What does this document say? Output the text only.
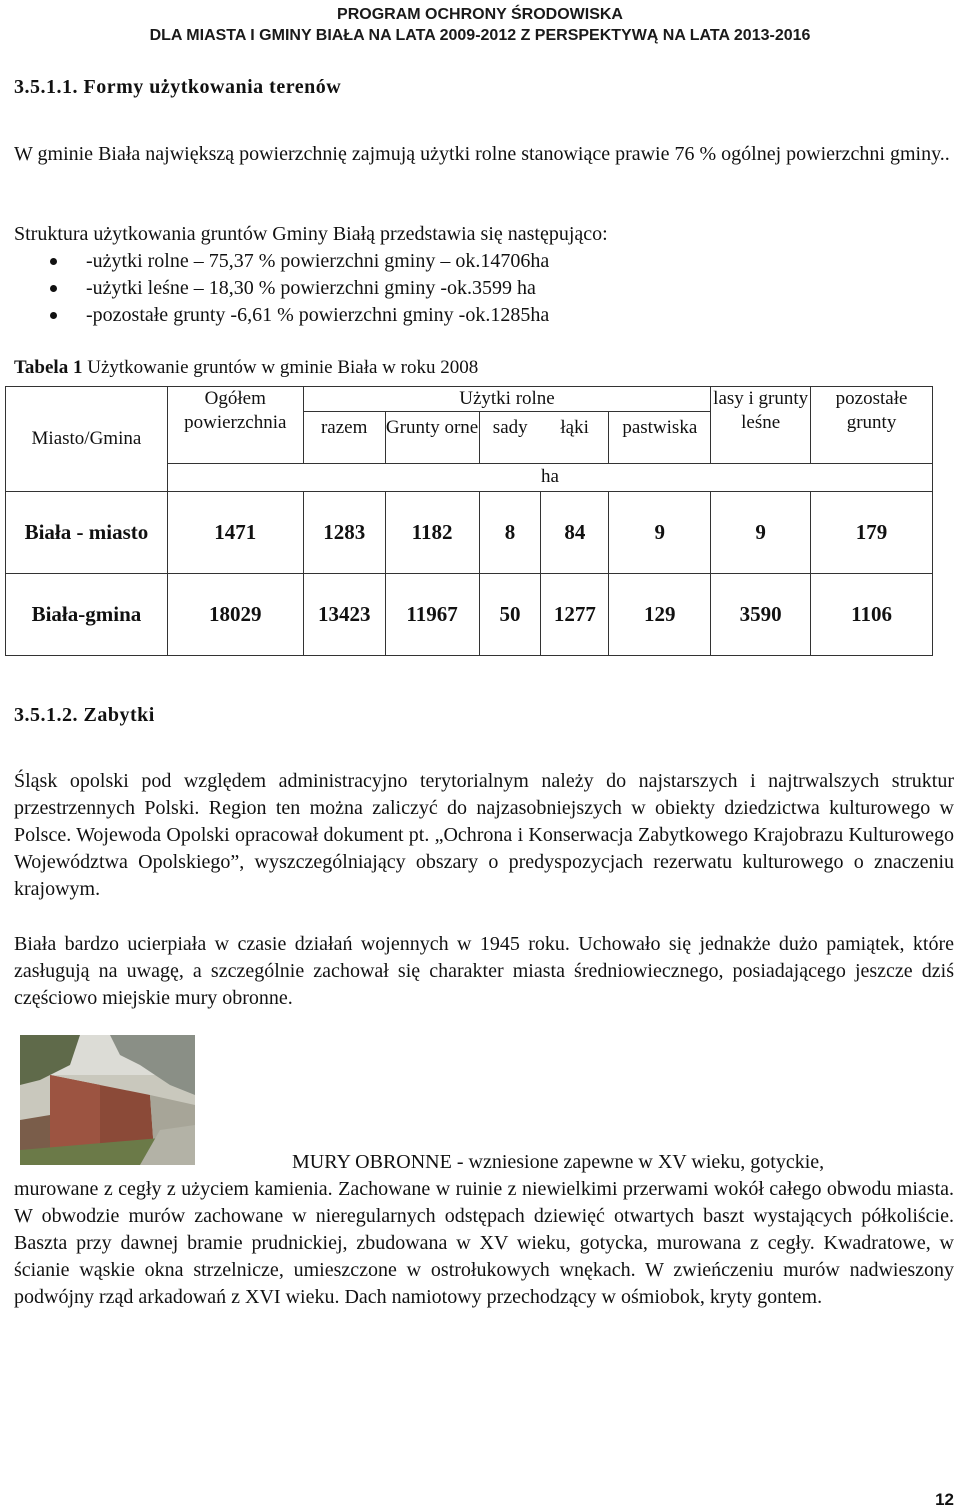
PROGRAM OCHRONY ŚRODOWISKA
DLA MIASTA I GMINY BIAŁA NA LATA 2009-2012 Z PERSPEKTYWĄ NA LATA 2013-2016
3.5.1.1. Formy użytkowania terenów
W gminie Biała największą powierzchnię zajmują użytki rolne stanowiące prawie 76 % ogólnej powierzchni gminy..
Struktura użytkowania gruntów Gminy Białą przedstawia się następująco:
-użytki rolne – 75,37 % powierzchni gminy – ok.14706ha
-użytki leśne – 18,30 % powierzchni gminy -ok.3599 ha
-pozostałe grunty -6,61 % powierzchni gminy -ok.1285ha
Tabela 1 Użytkowanie gruntów w gminie Biała w roku 2008
Miasto/Gmina	Ogółem powierzchnia	Użytki rolne					lasy i grunty leśne	pozostałe grunty
		razem	Grunty orne	sady	łąki	pastwiska		
	ha							
Biała - miasto	1471	1283	1182	8	84	9	9	179
Biała-gmina	18029	13423	11967	50	1277	129	3590	1106
3.5.1.2. Zabytki
Śląsk opolski pod względem administracyjno terytorialnym należy do najstarszych i najtrwalszych struktur przestrzennych Polski. Region ten można zaliczyć do najzasobniejszych w obiekty dziedzictwa kulturowego w Polsce. Wojewoda Opolski opracował dokument pt. „Ochrona i Konserwacja Zabytkowego Krajobrazu Kulturowego Województwa Opolskiego”, wyszczególniający obszary o predyspozycjach rezerwatu kulturowego o znaczeniu krajowym.
Biała bardzo ucierpiała w czasie działań wojennych w 1945 roku. Uchowało się jednakże dużo pamiątek, które zasługują na uwagę, a szczególnie zachował się charakter miasta średniowiecznego, posiadającego jeszcze dziś częściowo miejskie mury obronne.
MURY OBRONNE - wzniesione zapewne w XV wieku, gotyckie,
murowane z cegły z użyciem kamienia. Zachowane w ruinie z niewielkimi przerwami wokół całego obwodu miasta. W obwodzie murów zachowane w nieregularnych odstępach dziewięć otwartych baszt wystających półkoliście. Baszta przy dawnej bramie prudnickiej, zbudowana w XV wieku, gotycka, murowana z cegły. Kwadratowe, w ścianie wąskie okna strzelnicze, umieszczone w ostrołukowych wnękach. W zwieńczeniu murów nadwieszony podwójny rząd arkadowań z XVI wieku. Dach namiotowy przechodzący w ośmiobok, kryty gontem.
12
